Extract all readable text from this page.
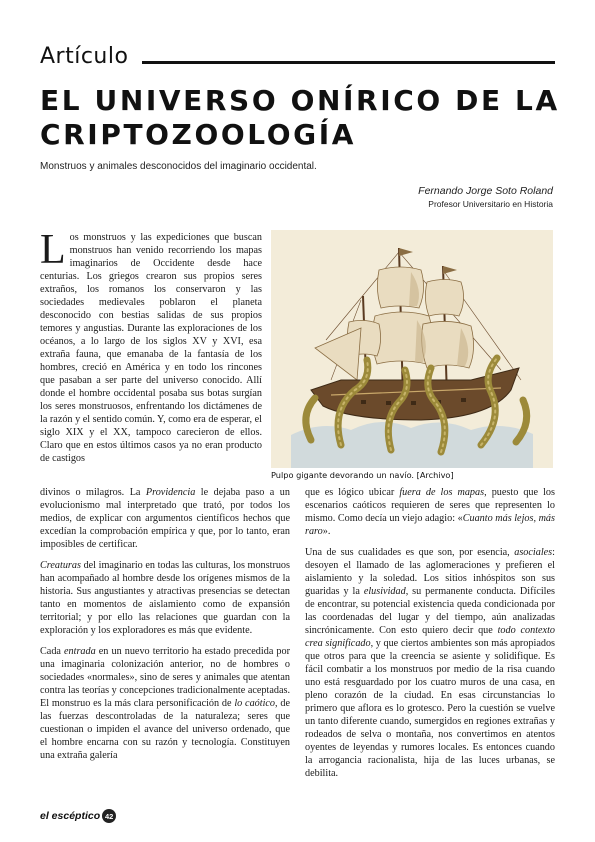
Artículo
EL UNIVERSO ONÍRICO DE LA CRIPTOZOOLOGÍA
Monstruos y animales desconocidos del imaginario occidental.
Fernando Jorge Soto Roland
Profesor Universitario en Historia
Pulpo gigante devorando un navío. [Archivo]
Los monstruos y las expediciones que buscan monstruos han venido recorriendo los mapas imaginarios de Occidente desde hace centurias. Los griegos crearon sus propios seres extraños, los romanos los conservaron y las sociedades medievales poblaron el planeta desconocido con bestias salidas de sus propios temores y angustias. Durante las exploraciones de los océanos, a lo largo de los siglos XV y XVI, esa extraña fauna, que emanaba de la fantasía de los hombres, creció en América y en todo los rincones que pasaban a ser parte del universo conocido. Allí donde el hombre occidental posaba sus botas surgían los seres monstruosos, enfrentando los dictámenes de la razón y el sentido común. Y, como era de esperar, el siglo XIX y el XX, tampoco carecieron de ellos. Claro que en estos últimos casos ya no eran producto de castigos

divinos o milagros. La Providencia le dejaba paso a un evolucionismo mal interpretado que trató, por todos los medios, de explicar con argumentos científicos hechos que excedían la comprobación empírica y que, por lo tanto, eran imposibles de certificar.

Creaturas del imaginario en todas las culturas, los monstruos han acompañado al hombre desde los orígenes mismos de la historia. Sus angustiantes y atractivas presencias se detectan tanto en momentos de aislamiento como de expansión territorial; y por ello las relaciones que guardan con la exploración y los exploradores es más que evidente.

Cada entrada en un nuevo territorio ha estado precedida por una imaginaria colonización anterior, no de hombres o sociedades «normales», sino de seres y animales que atentan contra las teorías y concepciones tradicionalmente aceptadas. El monstruo es la más clara personificación de lo caótico, de las fuerzas descontroladas de la naturaleza; seres que cuestionan o impiden el avance del universo ordenado, que el hombre encarna con su razón y tecnología. Constituyen una extraña galería

que es lógico ubicar fuera de los mapas, puesto que los escenarios caóticos requieren de seres que representen lo mismo. Como decía un viejo adagio: «Cuanto más lejos, más raro».

Una de sus cualidades es que son, por esencia, asociales: desoyen el llamado de las aglomeraciones y prefieren el aislamiento y la soledad. Los sitios inhóspitos son sus guaridas y la elusividad, su permanente conducta. Difíciles de encontrar, su potencial existencia queda condicionada por las coordenadas del lugar y del tiempo, aún analizadas sincrónicamente. Con esto quiero decir que todo contexto crea significado, y que ciertos ambientes son más apropiados que otros para que la creencia se asiente y solidifique. Es fácil combatir a los monstruos por medio de la risa cuando uno está resguardado por los cuatro muros de una casa, en pleno corazón de la ciudad. En esas circunstancias lo primero que aflora es lo grotesco. Pero la cuestión se vuelve un tanto diferente cuando, sumergidos en regiones extrañas y rodeados de selva o montaña, nos convertimos en atentos oyentes de leyendas y rumores locales. Es entonces cuando la arrogancia racionalista, hija de las luces urbanas, se debilita.

el escéptico 42
